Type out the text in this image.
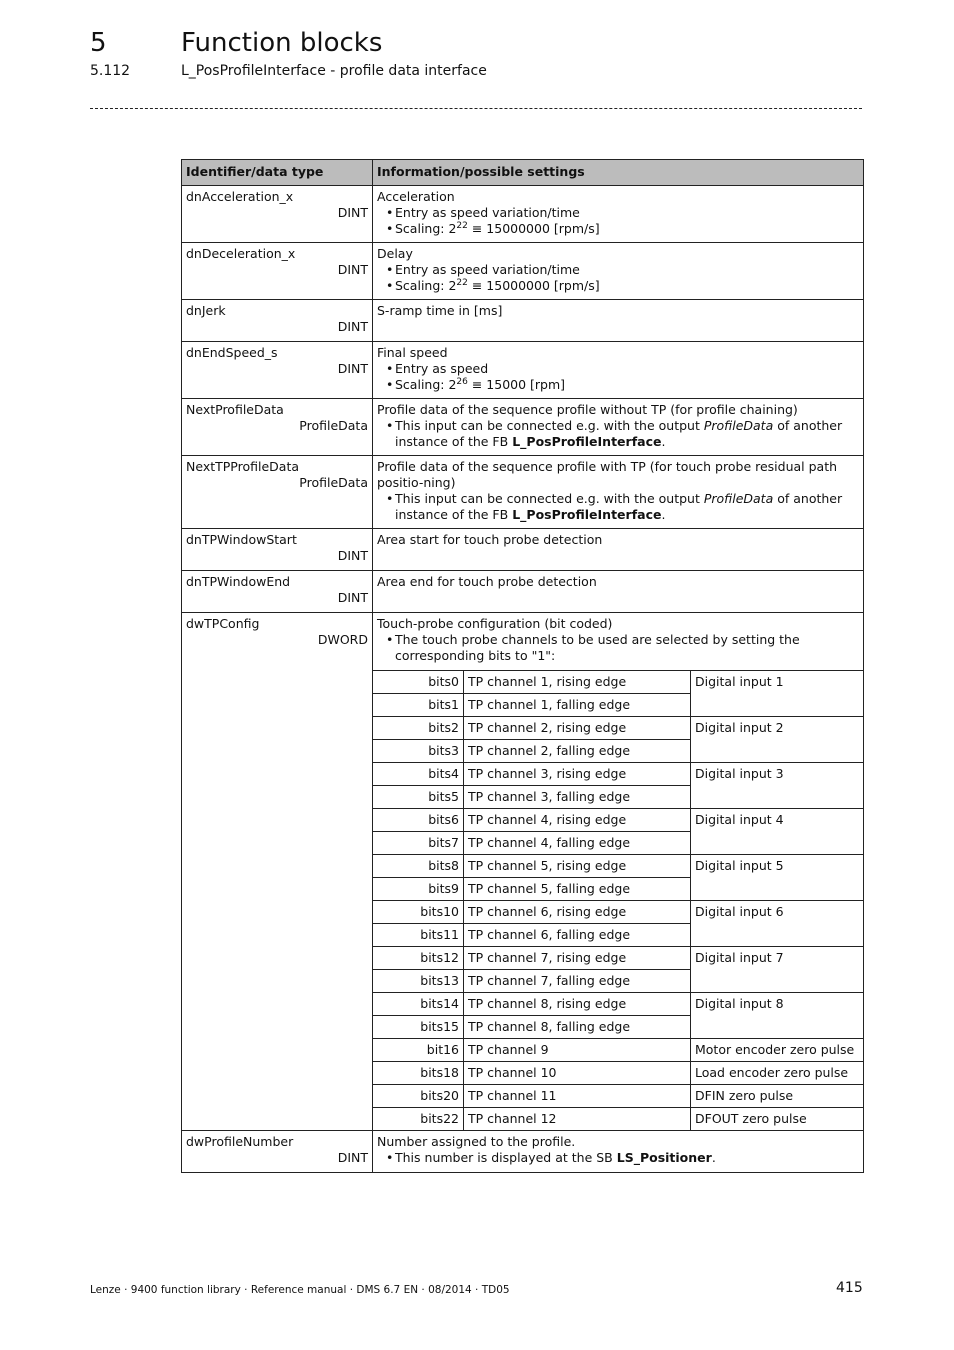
5	Function blocks
5.112	L_PosProfileInterface - profile data interface
Identifier/data type	Information/possible settings

dnAcceleration_x
DINT

Acceleration
• Entry as speed variation/time
• Scaling: $2^{22} \equiv 15000000$ [rpm/s]

dnDeceleration_x
DINT

Delay
• Entry as speed variation/time
• Scaling: $2^{22} \equiv 15000000$ [rpm/s]

dnJerk
DINT

S-ramp time in [ms]

dnEndSpeed_s
DINT

Final speed
• Entry as speed
• Scaling: $2^{26} \equiv 15000$ [rpm]

NextProfileData
ProfileData

Profile data of the sequence profile without TP (for profile chaining)
• This input can be connected e.g. with the output ProfileData of another instance of the FB L_PosProfileInterface.

NextTPProfileData
ProfileData

Profile data of the sequence profile with TP (for touch probe residual path positio-ning)
• This input can be connected e.g. with the output ProfileData of another instance of the FB L_PosProfileInterface.

dnTPWindowStart
DINT

Area start for touch probe detection

dnTPWindowEnd
DINT

Area end for touch probe detection

dwTPConfig
DWORD

Touch-probe configuration (bit coded)
• The touch probe channels to be used are selected by setting the corresponding bits to "1":
bits0	TP channel 1, rising edge	Digital input 1
bits1	TP channel 1, falling edge
bits2	TP channel 2, rising edge	Digital input 2
bits3	TP channel 2, falling edge
bits4	TP channel 3, rising edge	Digital input 3
bits5	TP channel 3, falling edge
bits6	TP channel 4, rising edge	Digital input 4
bits7	TP channel 4, falling edge
bits8	TP channel 5, rising edge	Digital input 5
bits9	TP channel 5, falling edge
bits10	TP channel 6, rising edge	Digital input 6
bits11	TP channel 6, falling edge
bits12	TP channel 7, rising edge	Digital input 7
bits13	TP channel 7, falling edge
bits14	TP channel 8, rising edge	Digital input 8
bits15	TP channel 8, falling edge
bit16	TP channel 9	Motor encoder zero pulse
bits18	TP channel 10	Load encoder zero pulse
bits20	TP channel 11	DFIN zero pulse
bits22	TP channel 12	DFOUT zero pulse

dwProfileNumber
DINT

Number assigned to the profile.
• This number is displayed at the SB LS_Positioner.
Lenze · 9400 function library · Reference manual · DMS 6.7 EN · 08/2014 · TD05	415
